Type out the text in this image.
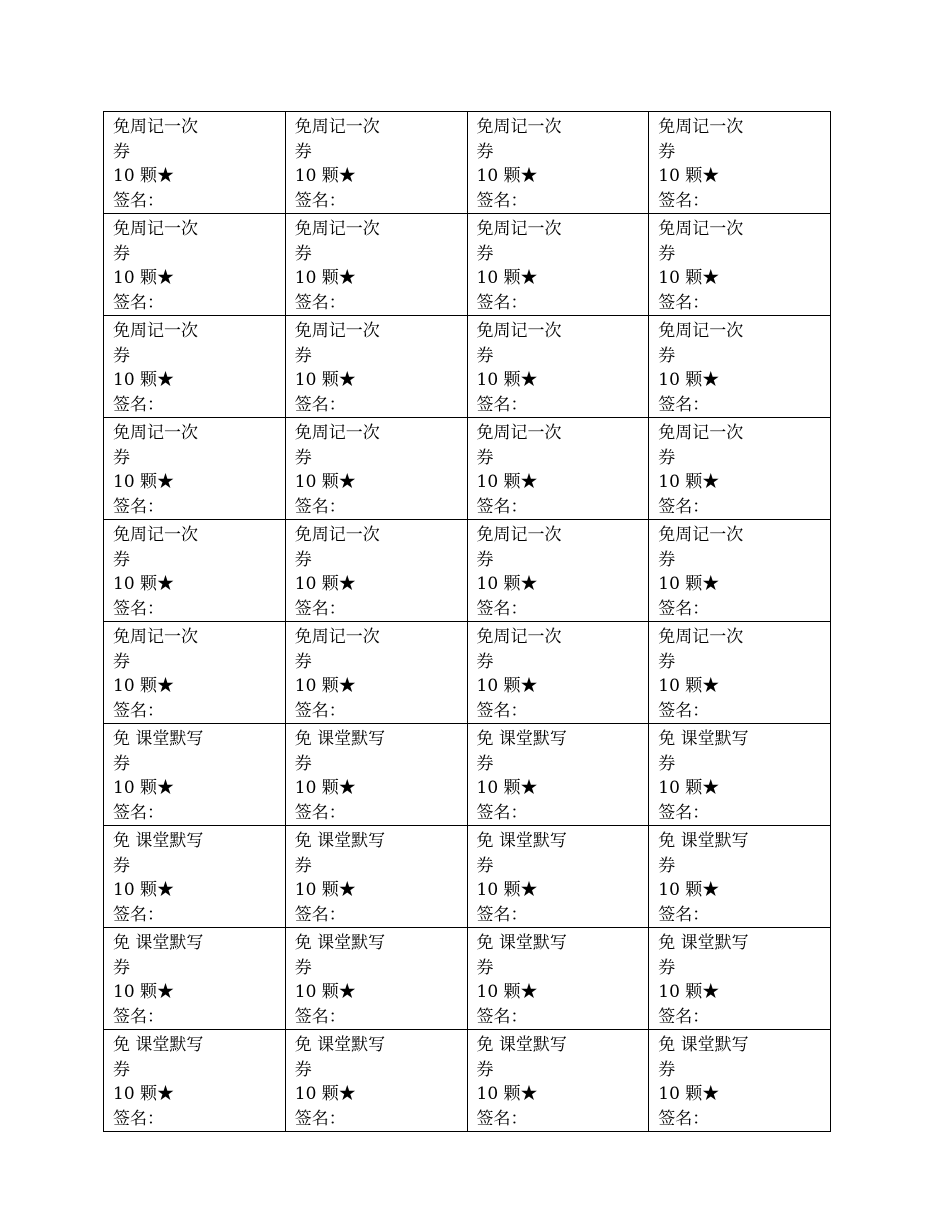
免周记一次
券
10 颗★
签名：	免周记一次
券
10 颗★
签名：	免周记一次
券
10 颗★
签名：	免周记一次
券
10 颗★
签名：

免周记一次
券
10 颗★
签名：	免周记一次
券
10 颗★
签名：	免周记一次
券
10 颗★
签名：	免周记一次
券
10 颗★
签名：

免周记一次
券
10 颗★
签名：	免周记一次
券
10 颗★
签名：	免周记一次
券
10 颗★
签名：	免周记一次
券
10 颗★
签名：

免周记一次
券
10 颗★
签名：	免周记一次
券
10 颗★
签名：	免周记一次
券
10 颗★
签名：	免周记一次
券
10 颗★
签名：

免周记一次
券
10 颗★
签名：	免周记一次
券
10 颗★
签名：	免周记一次
券
10 颗★
签名：	免周记一次
券
10 颗★
签名：

免周记一次
券
10 颗★
签名：	免周记一次
券
10 颗★
签名：	免周记一次
券
10 颗★
签名：	免周记一次
券
10 颗★
签名：

免 课堂默写
券
10 颗★
签名：	免 课堂默写
券
10 颗★
签名：	免 课堂默写
券
10 颗★
签名：	免 课堂默写
券
10 颗★
签名：

免 课堂默写
券
10 颗★
签名：	免 课堂默写
券
10 颗★
签名：	免 课堂默写
券
10 颗★
签名：	免 课堂默写
券
10 颗★
签名：

免 课堂默写
券
10 颗★
签名：	免 课堂默写
券
10 颗★
签名：	免 课堂默写
券
10 颗★
签名：	免 课堂默写
券
10 颗★
签名：

免 课堂默写
券
10 颗★
签名：	免 课堂默写
券
10 颗★
签名：	免 课堂默写
券
10 颗★
签名：	免 课堂默写
券
10 颗★
签名：
